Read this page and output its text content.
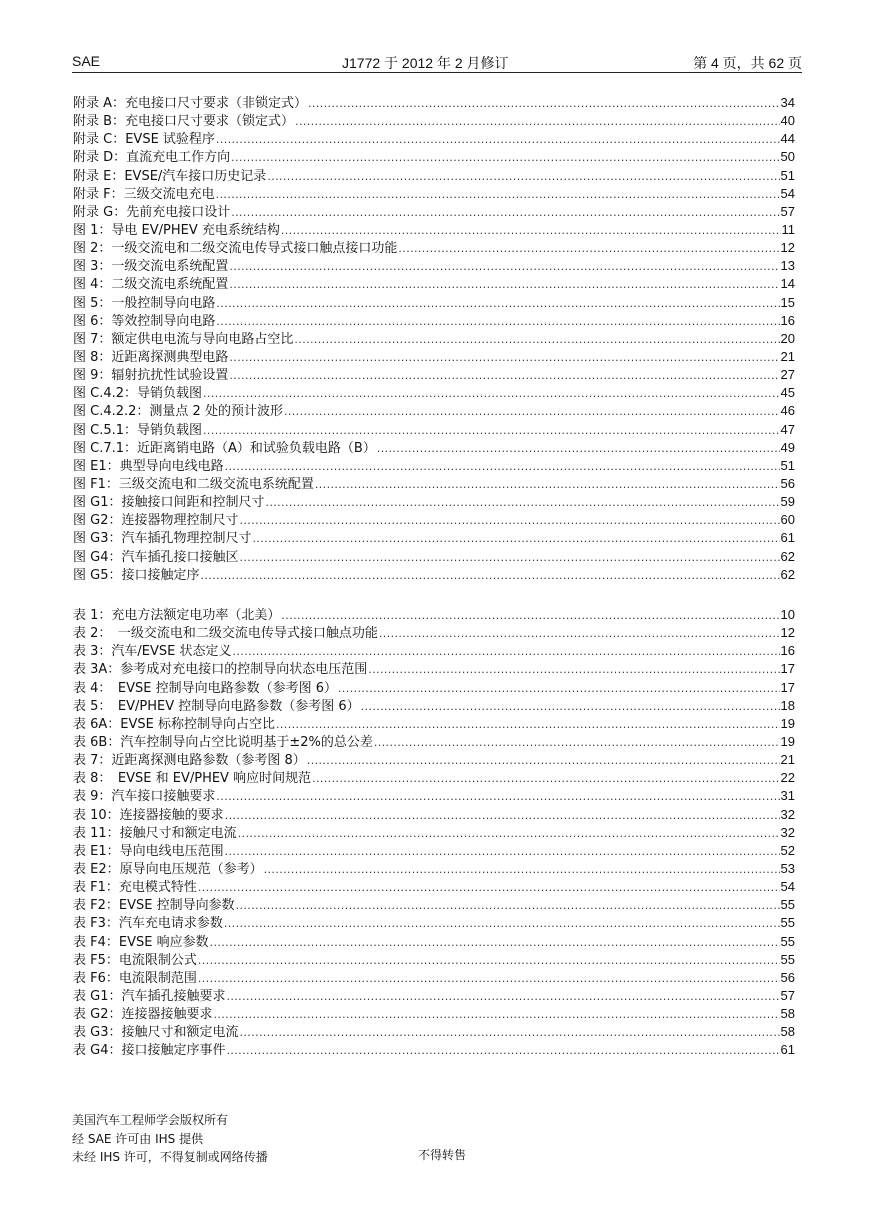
SAE	J1772 于 2012 年 2 月修订	第 4 页，共 62 页
附录 A：充电接口尺寸要求（非锁定式） .....	34
附录 B：充电接口尺寸要求（锁定式） .....	40
附录 C：EVSE 试验程序 .....	44
附录 D：直流充电工作方向 .....	50
附录 E：EVSE/汽车接口历史记录 .....	51
附录 F：三级交流电充电 .....	54
附录 G：先前充电接口设计 .....	57
图 1：导电 EV/PHEV 充电系统结构 .....	11
图 2：一级交流电和二级交流电传导式接口触点接口功能 .....	12
图 3：一级交流电系统配置 .....	13
图 4：二级交流电系统配置 .....	14
图 5：一般控制导向电路 .....	15
图 6：等效控制导向电路 .....	16
图 7：额定供电电流与导向电路占空比 .....	20
图 8：近距离探测典型电路 .....	21
图 9：辐射抗扰性试验设置 .....	27
图 C.4.2：导销负载图 .....	45
图 C.4.2.2：测量点 2 处的预计波形 .....	46
图 C.5.1：导销负载图 .....	47
图 C.7.1：近距离销电路（A）和试验负载电路（B） .....	49
图 E1：典型导向电线电路 .....	51
图 F1：三级交流电和二级交流电系统配置 .....	56
图 G1：接触接口间距和控制尺寸 .....	59
图 G2：连接器物理控制尺寸 .....	60
图 G3：汽车插孔物理控制尺寸 .....	61
图 G4：汽车插孔接口接触区 .....	62
图 G5：接口接触定序 .....	62
表 1：充电方法额定电功率（北美） .....	10
表 2：　一级交流电和二级交流电传导式接口触点功能 .....	12
表 3：汽车/EVSE 状态定义 .....	16
表 3A：参考成对充电接口的控制导向状态电压范围 .....	17
表 4：　EVSE 控制导向电路参数（参考图 6） .....	17
表 5：　EV/PHEV 控制导向电路参数（参考图 6） .....	18
表 6A：EVSE 标称控制导向占空比 .....	19
表 6B：汽车控制导向占空比说明基于±2%的总公差 .....	19
表 7：近距离探测电路参数（参考图 8） .....	21
表 8：　EVSE 和 EV/PHEV 响应时间规范 .....	22
表 9：汽车接口接触要求 .....	31
表 10：连接器接触的要求 .....	32
表 11：接触尺寸和额定电流 .....	32
表 E1：导向电线电压范围 .....	52
表 E2：原导向电压规范（参考） .....	53
表 F1：充电模式特性 .....	54
表 F2：EVSE 控制导向参数 .....	55
表 F3：汽车充电请求参数 .....	55
表 F4：EVSE 响应参数 .....	55
表 F5：电流限制公式 .....	55
表 F6：电流限制范围 .....	56
表 G1：汽车插孔接触要求 .....	57
表 G2：连接器接触要求 .....	58
表 G3：接触尺寸和额定电流 .....	58
表 G4：接口接触定序事件 .....	61
美国汽车工程师学会版权所有
经 SAE 许可由 IHS 提供
未经 IHS 许可，不得复制或网络传播	不得转售
